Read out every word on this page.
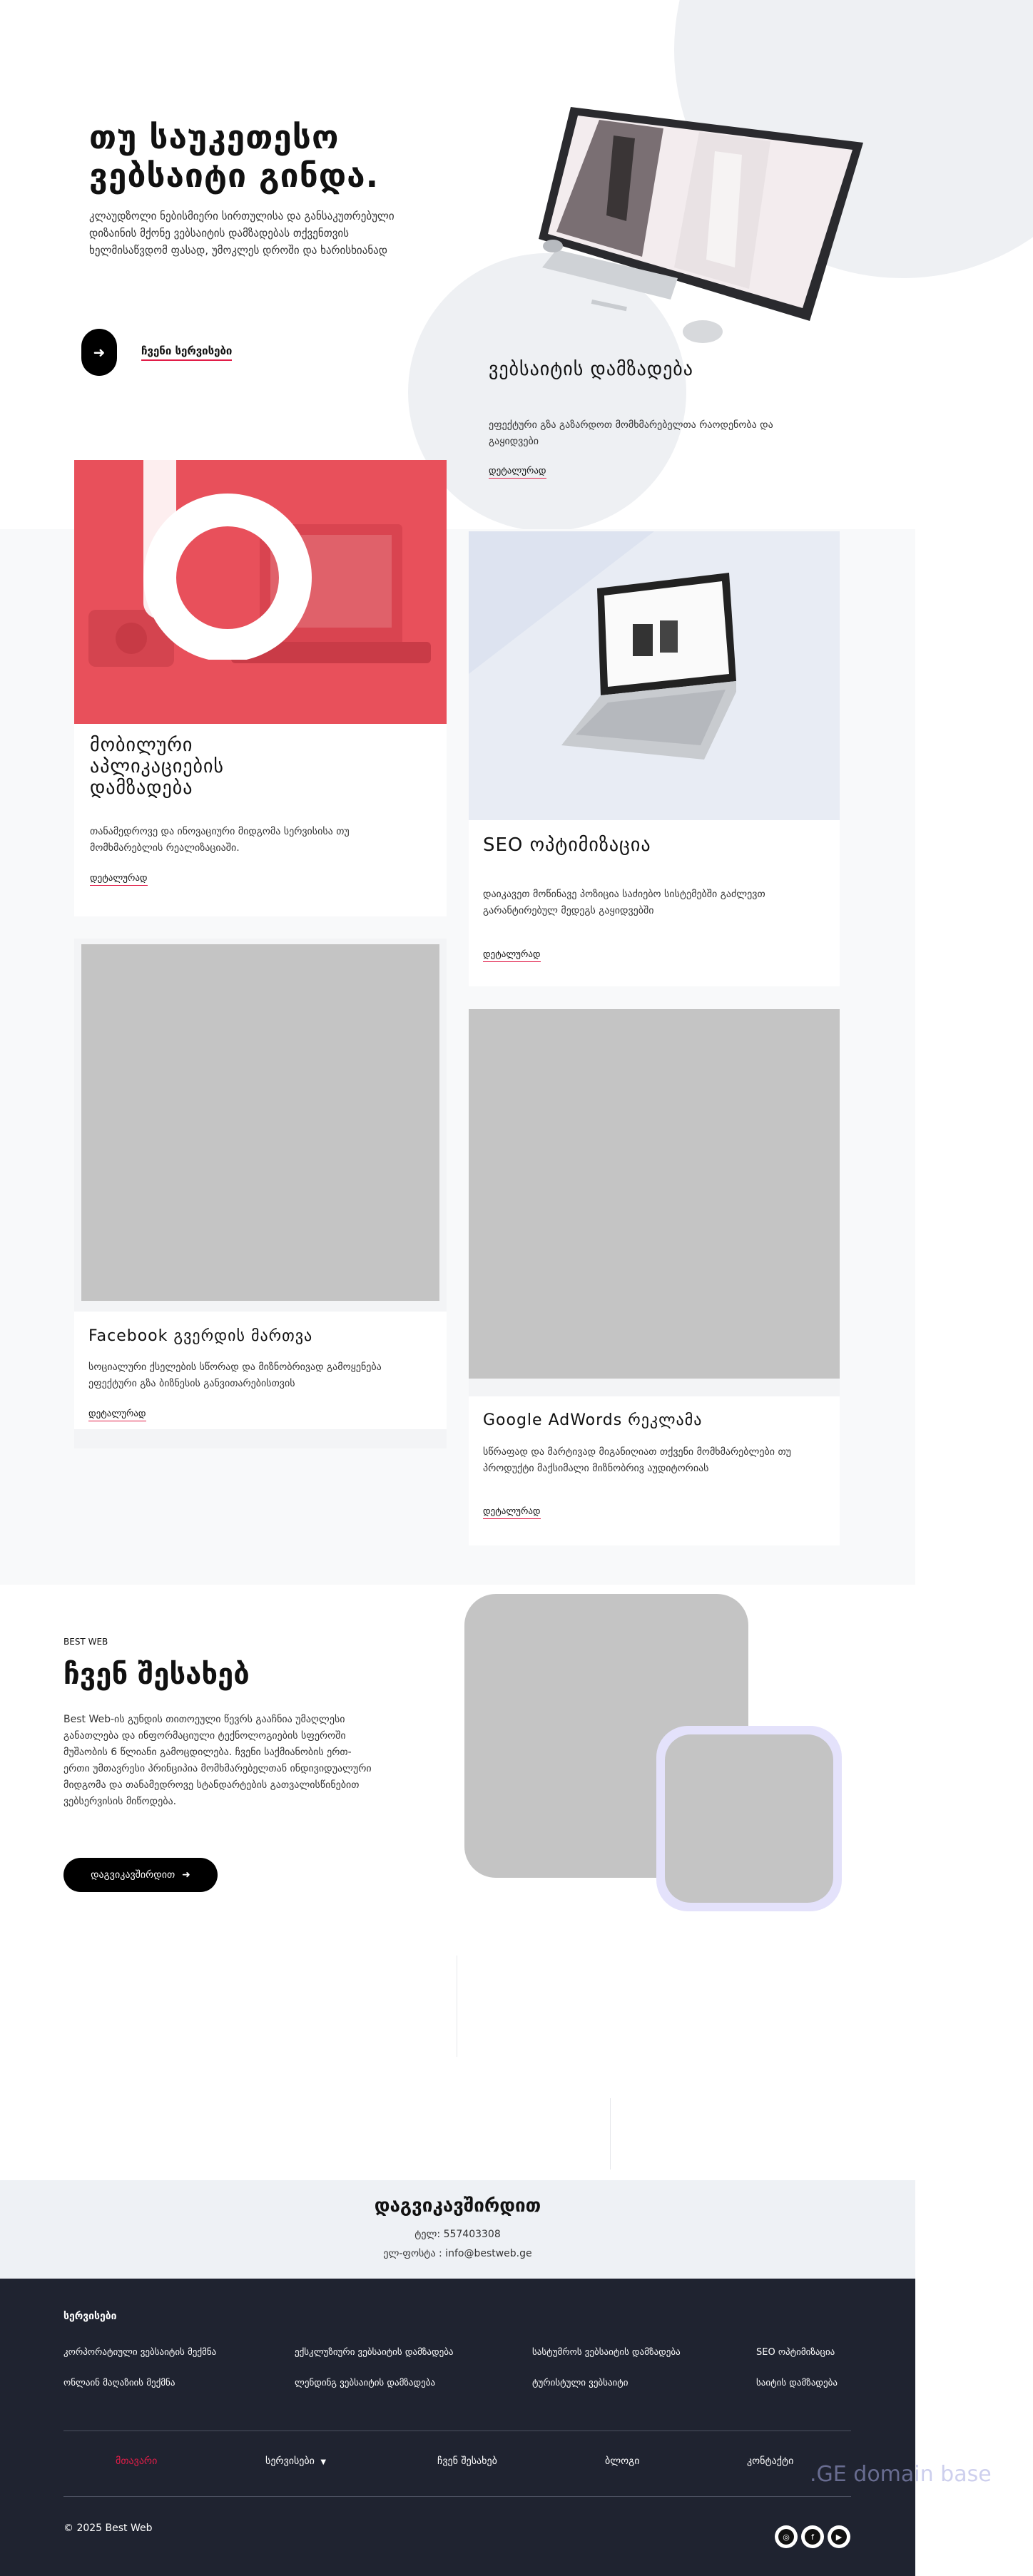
თუ საუკეთესო ვებსაიტი გინდა.
კლაუდზოლი ნებისმიერი სირთულისა და განსაკუთრებული დიზაინის მქონე ვებსაიტის დამზადებას თქვენთვის ხელმისაწვდომ ფასად, უმოკლეს დროში და ხარისხიანად
➜	ჩვენი სერვისები
ვებსაიტის დამზადება
ეფექტური გზა გაზარდოთ მომხმარებელთა რაოდენობა და გაყიდვები
დეტალურად
მობილური აპლიკაციების დამზადება
თანამედროვე და ინოვაციური მიდგომა სერვისისა თუ მომხმარებლის რეალიზაციაში.
დეტალურად
SEO ოპტიმიზაცია
დაიკავეთ მოწინავე პოზიცია საძიებო სისტემებში გაძლევთ გარანტირებულ მედეგს გაყიდვებში
დეტალურად
Facebook გვერდის მართვა
სოციალური ქსელების სწორად და მიზნობრივად გამოყენება ეფექტური გზა ბიზნესის განვითარებისთვის
დეტალურად	Google AdWords რეკლამა
სწრაფად და მარტივად მიგანიღიათ თქვენი მომხმარებლები თუ პროდუქტი მაქსიმალი მიზნობრივ აუდიტორიას
დეტალურად
BEST WEB
ჩვენ შესახებ
Best Web-ის გუნდის თითოეული წევრს გააჩნია უმაღლესი განათლება და ინფორმაციული ტექნოლოგიების სფეროში მუშაობის 6 წლიანი გამოცდილება. ჩვენი საქმიანობის ერთ-ერთი უმთავრესი პრინციპია მომხმარებელთან ინდივიდუალური მიდგომა და თანამედროვე სტანდარტების გათვალისწინებით ვებსერვისის მიწოდება.
დაგვიკავშირდით ➜
დაგვიკავშირდით
ტელ: 557403308
ელ-ფოსტა : info@bestweb.ge
სერვისები
კორპორატიული ვებსაიტის მექმნა	ექსკლუზიური ვებსაიტის დამზადება	სასტუმროს ვებსაიტის დამზადება	SEO ოპტიმიზაცია
ონლაინ მაღაზიის მექმნა	ლენდინგ ვებსაიტის დამზადება	ტურისტული ვებსაიტი	საიტის დამზადება
მთავარი	სერვისები ▼	ჩვენ შესახებ	ბლოგი	კონტაქტი
.GE domain base
© 2025 Best Web
◎	f	▶
